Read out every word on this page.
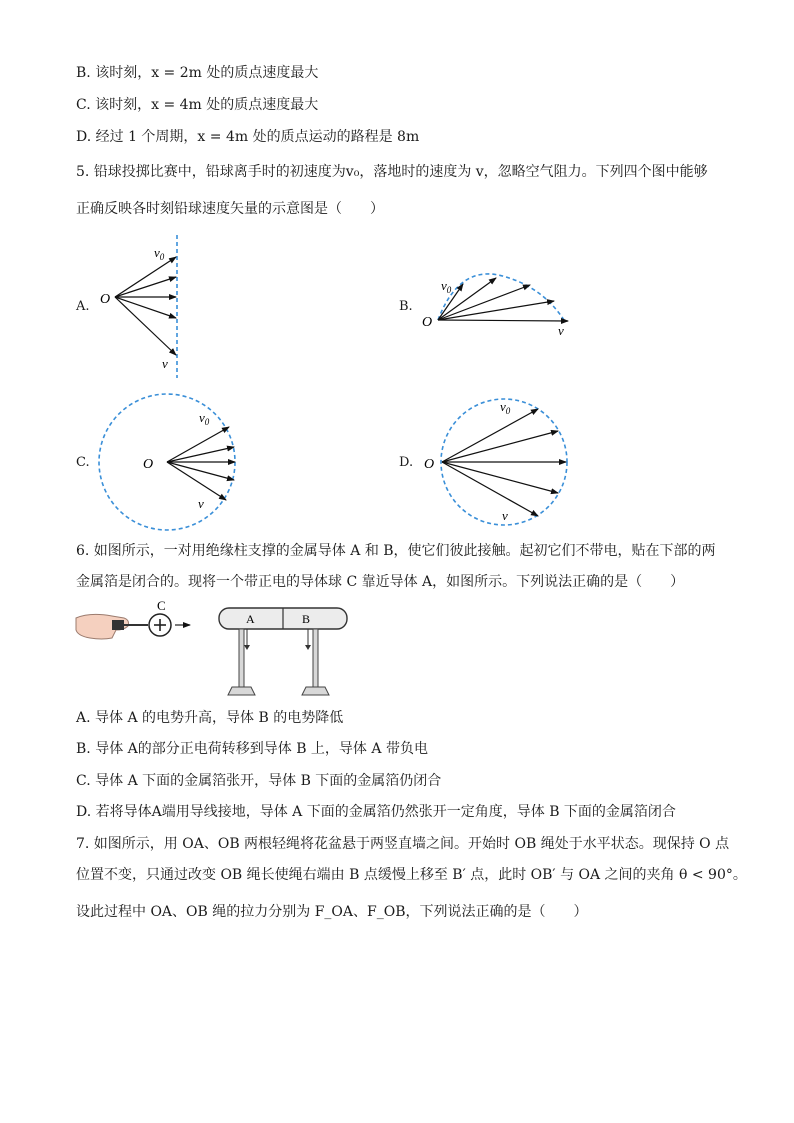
B. 该时刻，x = 2m 处的质点速度最大
C. 该时刻，x = 4m 处的质点速度最大
D. 经过 1 个周期，x = 4m 处的质点运动的路程是 8m
5. 铅球投掷比赛中，铅球离手时的初速度为v₀，落地时的速度为 v，忽略空气阻力。下列四个图中能够
正确反映各时刻铅球速度矢量的示意图是（　　）
A. O
$v_0$
v
B.
O
$v_0$
v
C.	O
$v_0$
v
D. O
$v_0$
v
6. 如图所示，一对用绝缘柱支撑的金属导体 A 和 B，使它们彼此接触。起初它们不带电，贴在下部的两
金属箔是闭合的。现将一个带正电的导体球 C 靠近导体 A，如图所示。下列说法正确的是（　　）
C
A	B
A. 导体 A 的电势升高，导体 B 的电势降低
B. 导体 A的部分正电荷转移到导体 B 上，导体 A 带负电
C. 导体 A 下面的金属箔张开，导体 B 下面的金属箔仍闭合
D. 若将导体A端用导线接地，导体 A 下面的金属箔仍然张开一定角度，导体 B 下面的金属箔闭合
7. 如图所示，用 OA、OB 两根轻绳将花盆悬于两竖直墙之间。开始时 OB 绳处于水平状态。现保持 O 点
位置不变，只通过改变 OB 绳长使绳右端由 B 点缓慢上移至 B′ 点，此时 OB′ 与 OA 之间的夹角 θ < 90°。
设此过程中 OA、OB 绳的拉力分别为 F_OA、F_OB，下列说法正确的是（　　）
